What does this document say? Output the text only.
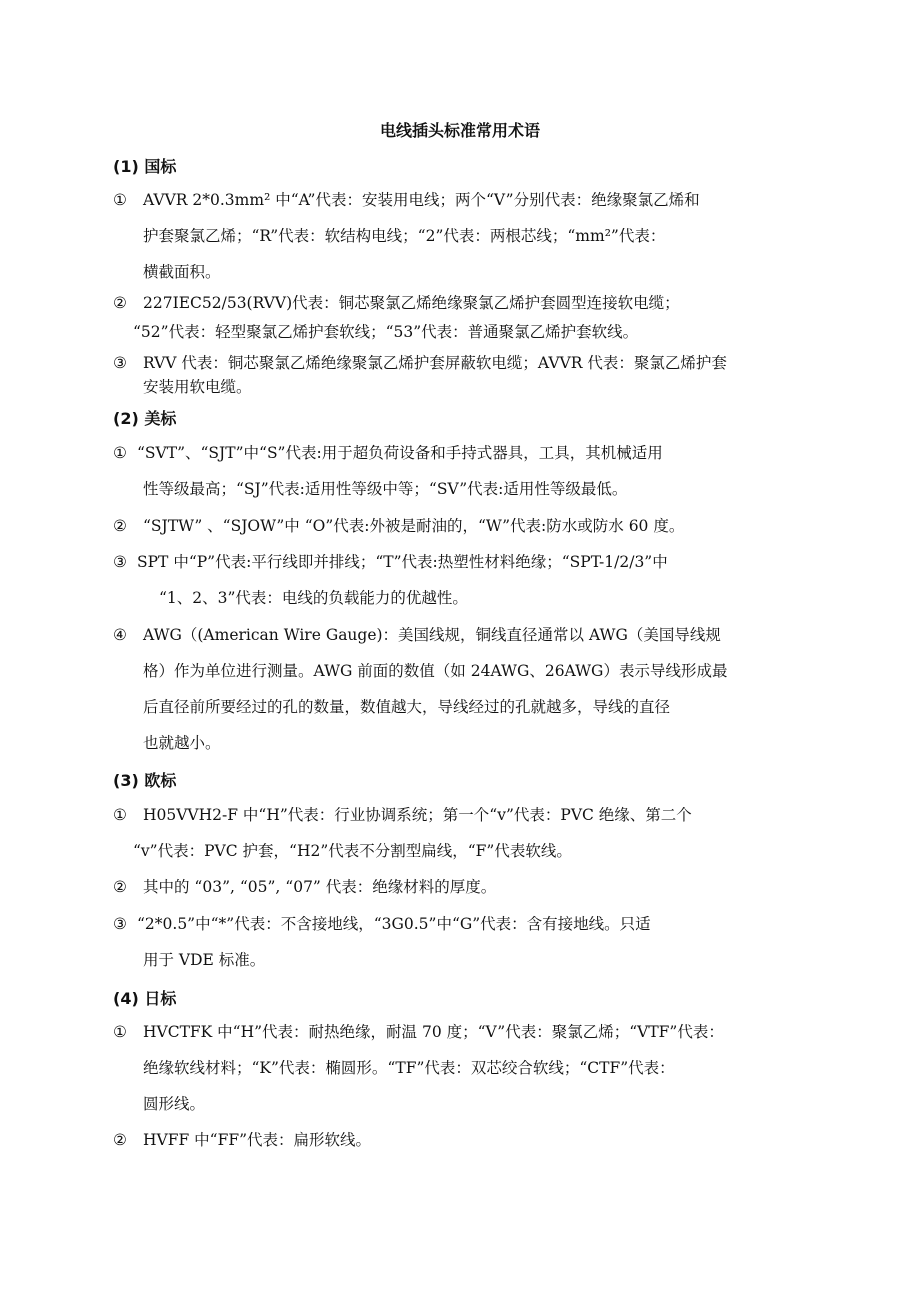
电线插头标准常用术语
(1) 国标
①	AVVR 2*0.3mm² 中“A”代表：安装用电线；两个“V”分别代表：绝缘聚氯乙烯和
护套聚氯乙烯；“R”代表：软结构电线；“2”代表：两根芯线；“mm²”代表：
横截面积。
②	227IEC52/53(RVV)代表：铜芯聚氯乙烯绝缘聚氯乙烯护套圆型连接软电缆；
“52”代表：轻型聚氯乙烯护套软线；“53”代表：普通聚氯乙烯护套软线。
③	RVV 代表：铜芯聚氯乙烯绝缘聚氯乙烯护套屏蔽软电缆；AVVR 代表：聚氯乙烯护套
安装用软电缆。
(2) 美标
① “SVT”、“SJT”中“S”代表:用于超负荷设备和手持式器具，工具，其机械适用
性等级最高；“SJ”代表:适用性等级中等；“SV”代表:适用性等级最低。
②	“SJTW” 、“SJOW”中 “O”代表:外被是耐油的，“W”代表:防水或防水 60 度。
③ SPT 中“P”代表:平行线即并排线；“T”代表:热塑性材料绝缘；“SPT-1/2/3”中
“1、2、3”代表：电线的负载能力的优越性。
④	AWG（(American Wire Gauge)：美国线规，铜线直径通常以 AWG（美国导线规
格）作为单位进行测量。AWG 前面的数值（如 24AWG、26AWG）表示导线形成最
后直径前所要经过的孔的数量，数值越大，导线经过的孔就越多，导线的直径
也就越小。
(3) 欧标
①	H05VVH2-F 中“H”代表：行业协调系统；第一个“v”代表：PVC 绝缘、第二个
“v”代表：PVC 护套，“H2”代表不分割型扁线，“F”代表软线。
②	其中的 “03”, “05”, “07” 代表：绝缘材料的厚度。
③ “2*0.5”中“*”代表：不含接地线，“3G0.5”中“G”代表：含有接地线。只适
用于 VDE 标准。
(4) 日标
①	HVCTFK 中“H”代表：耐热绝缘，耐温 70 度；“V”代表：聚氯乙烯；“VTF”代表：
绝缘软线材料；“K”代表：椭圆形。“TF”代表：双芯绞合软线；“CTF”代表：
圆形线。
②	HVFF 中“FF”代表：扁形软线。
